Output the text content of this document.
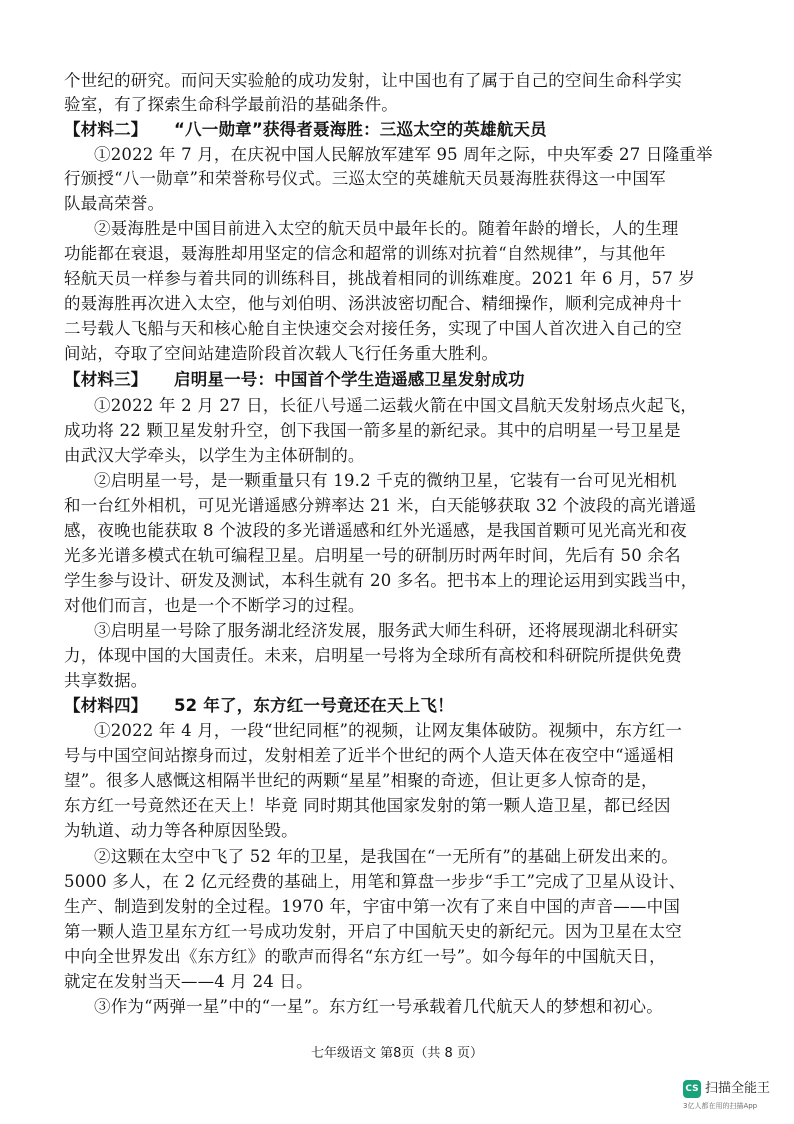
个世纪的研究。而问天实验舱的成功发射，让中国也有了属于自己的空间生命科学实
验室，有了探索生命科学最前沿的基础条件。
【材料二】 “八一勋章”获得者聂海胜：三巡太空的英雄航天员
①2022 年 7 月，在庆祝中国人民解放军建军 95 周年之际，中央军委 27 日隆重举
行颁授“八一勋章”和荣誉称号仪式。三巡太空的英雄航天员聂海胜获得这一中国军
队最高荣誉。
②聂海胜是中国目前进入太空的航天员中最年长的。随着年龄的增长，人的生理
功能都在衰退，聂海胜却用坚定的信念和超常的训练对抗着“自然规律”，与其他年
轻航天员一样参与着共同的训练科目，挑战着相同的训练难度。2021 年 6 月，57 岁
的聂海胜再次进入太空，他与刘伯明、汤洪波密切配合、精细操作，顺利完成神舟十
二号载人飞船与天和核心舱自主快速交会对接任务，实现了中国人首次进入自己的空
间站，夺取了空间站建造阶段首次载人飞行任务重大胜利。
【材料三】 启明星一号：中国首个学生造遥感卫星发射成功
①2022 年 2 月 27 日，长征八号遥二运载火箭在中国文昌航天发射场点火起飞，
成功将 22 颗卫星发射升空，创下我国一箭多星的新纪录。其中的启明星一号卫星是
由武汉大学牵头，以学生为主体研制的。
②启明星一号，是一颗重量只有 19.2 千克的微纳卫星，它装有一台可见光相机
和一台红外相机，可见光谱遥感分辨率达 21 米，白天能够获取 32 个波段的高光谱遥
感，夜晚也能获取 8 个波段的多光谱遥感和红外光遥感，是我国首颗可见光高光和夜
光多光谱多模式在轨可编程卫星。启明星一号的研制历时两年时间，先后有 50 余名
学生参与设计、研发及测试，本科生就有 20 多名。把书本上的理论运用到实践当中，
对他们而言，也是一个不断学习的过程。
③启明星一号除了服务湖北经济发展，服务武大师生科研，还将展现湖北科研实
力，体现中国的大国责任。未来，启明星一号将为全球所有高校和科研院所提供免费
共享数据。
【材料四】 52 年了，东方红一号竟还在天上飞！
①2022 年 4 月，一段“世纪同框”的视频，让网友集体破防。视频中，东方红一
号与中国空间站擦身而过，发射相差了近半个世纪的两个人造天体在夜空中“遥遥相
望”。很多人感慨这相隔半世纪的两颗“星星”相聚的奇迹，但让更多人惊奇的是，
东方红一号竟然还在天上！毕竟 同时期其他国家发射的第一颗人造卫星，都已经因
为轨道、动力等各种原因坠毁。
②这颗在太空中飞了 52 年的卫星，是我国在“一无所有”的基础上研发出来的。
5000 多人，在 2 亿元经费的基础上，用笔和算盘一步步“手工”完成了卫星从设计、
生产、制造到发射的全过程。1970 年，宇宙中第一次有了来自中国的声音——中国
第一颗人造卫星东方红一号成功发射，开启了中国航天史的新纪元。因为卫星在太空
中向全世界发出《东方红》的歌声而得名“东方红一号”。如今每年的中国航天日，
就定在发射当天——4 月 24 日。
③作为“两弹一星”中的“一星”。东方红一号承载着几代航天人的梦想和初心。
七年级语文 第8页（共 8 页）
CS 扫描全能王
3亿人都在用的扫描App
